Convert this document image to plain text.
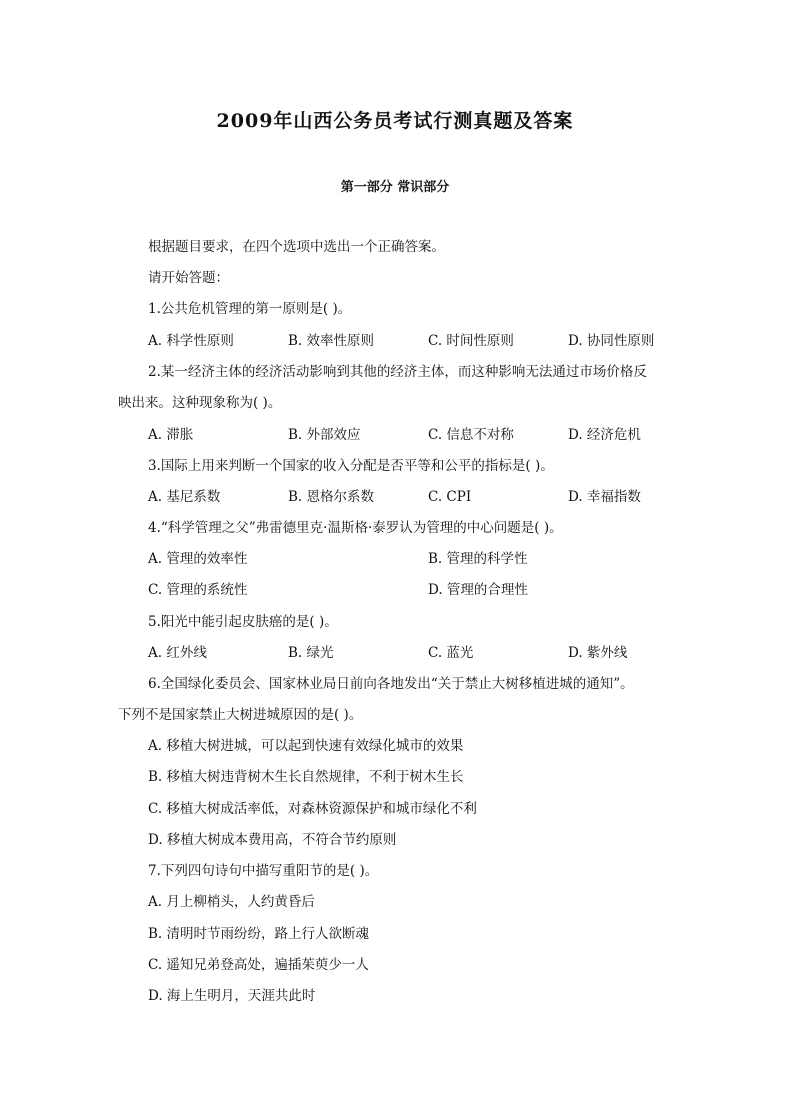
2009年山西公务员考试行测真题及答案
第一部分 常识部分
根据题目要求，在四个选项中选出一个正确答案。
请开始答题：
1.公共危机管理的第一原则是( )。
A. 科学性原则	B. 效率性原则	C. 时间性原则	D. 协同性原则
2.某一经济主体的经济活动影响到其他的经济主体，而这种影响无法通过市场价格反
映出来。这种现象称为( )。
A. 滞胀	B. 外部效应	C. 信息不对称	D. 经济危机
3.国际上用来判断一个国家的收入分配是否平等和公平的指标是( )。
A. 基尼系数	B. 恩格尔系数	C. CPI	D. 幸福指数
4.“科学管理之父”弗雷德里克·温斯格·泰罗认为管理的中心问题是( )。
A. 管理的效率性	B. 管理的科学性
C. 管理的系统性	D. 管理的合理性
5.阳光中能引起皮肤癌的是( )。
A. 红外线	B. 绿光	C. 蓝光	D. 紫外线
6.全国绿化委员会、国家林业局日前向各地发出“关于禁止大树移植进城的通知”。
下列不是国家禁止大树进城原因的是( )。
A. 移植大树进城，可以起到快速有效绿化城市的效果
B. 移植大树违背树木生长自然规律，不利于树木生长
C. 移植大树成活率低，对森林资源保护和城市绿化不利
D. 移植大树成本费用高，不符合节约原则
7.下列四句诗句中描写重阳节的是( )。
A. 月上柳梢头，人约黄昏后
B. 清明时节雨纷纷，路上行人欲断魂
C. 遥知兄弟登高处，遍插茱萸少一人
D. 海上生明月，天涯共此时
